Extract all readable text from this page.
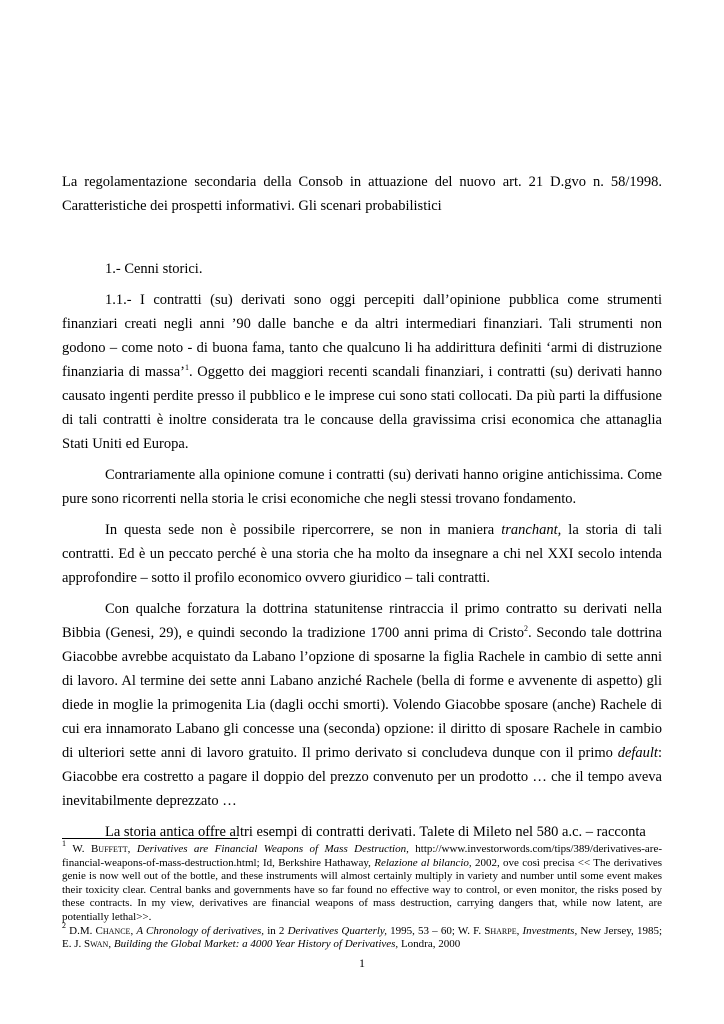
La regolamentazione secondaria della Consob in attuazione del nuovo art. 21 D.gvo n. 58/1998. Caratteristiche dei prospetti informativi. Gli scenari probabilistici
1.- Cenni storici.

1.1.- I contratti (su) derivati sono oggi percepiti dall’opinione pubblica come strumenti finanziari creati negli anni ’90 dalle banche e da altri intermediari finanziari. Tali strumenti non godono – come noto - di buona fama, tanto che qualcuno li ha addirittura definiti ‘armi di distruzione finanziaria di massa’$^1$. Oggetto dei maggiori recenti scandali finanziari, i contratti (su) derivati hanno causato ingenti perdite presso il pubblico e le imprese cui sono stati collocati. Da più parti la diffusione di tali contratti è inoltre considerata tra le concause della gravissima crisi economica che attanaglia Stati Uniti ed Europa.

Contrariamente alla opinione comune i contratti (su) derivati hanno origine antichissima. Come pure sono ricorrenti nella storia le crisi economiche che negli stessi trovano fondamento.

In questa sede non è possibile ripercorrere, se non in maniera tranchant, la storia di tali contratti. Ed è un peccato perché è una storia che ha molto da insegnare a chi nel XXI secolo intenda approfondire – sotto il profilo economico ovvero giuridico – tali contratti.

Con qualche forzatura la dottrina statunitense rintraccia il primo contratto su derivati nella Bibbia (Genesi, 29), e quindi secondo la tradizione 1700 anni prima di Cristo$^2$. Secondo tale dottrina Giacobbe avrebbe acquistato da Labano l’opzione di sposarne la figlia Rachele in cambio di sette anni di lavoro. Al termine dei sette anni Labano anziché Rachele (bella di forme e avvenente di aspetto) gli diede in moglie la primogenita Lia (dagli occhi smorti). Volendo Giacobbe sposare (anche) Rachele di cui era innamorato Labano gli concesse una (seconda) opzione: il diritto di sposare Rachele in cambio di ulteriori sette anni di lavoro gratuito. Il primo derivato si concludeva dunque con il primo default: Giacobbe era costretto a pagare il doppio del prezzo convenuto per un prodotto … che il tempo aveva inevitabilmente deprezzato …

La storia antica offre altri esempi di contratti derivati. Talete di Mileto nel 580 a.c. – racconta

$^1$ W. Buffett, Derivatives are Financial Weapons of Mass Destruction, http://www.investorwords.com/tips/389/derivatives-are-financial-weapons-of-mass-destruction.html; Id, Berkshire Hathaway, Relazione al bilancio, 2002, ove così precisa << The derivatives genie is now well out of the bottle, and these instruments will almost certainly multiply in variety and number until some event makes their toxicity clear. Central banks and governments have so far found no effective way to control, or even monitor, the risks posed by these contracts. In my view, derivatives are financial weapons of mass destruction, carrying dangers that, while now latent, are potentially lethal>>.

$^2$ D.M. Chance, A Chronology of derivatives, in 2 Derivatives Quarterly, 1995, 53 – 60; W. F. Sharpe, Investments, New Jersey, 1985; E. J. Swan, Building the Global Market: a 4000 Year History of Derivatives, Londra, 2000

1
